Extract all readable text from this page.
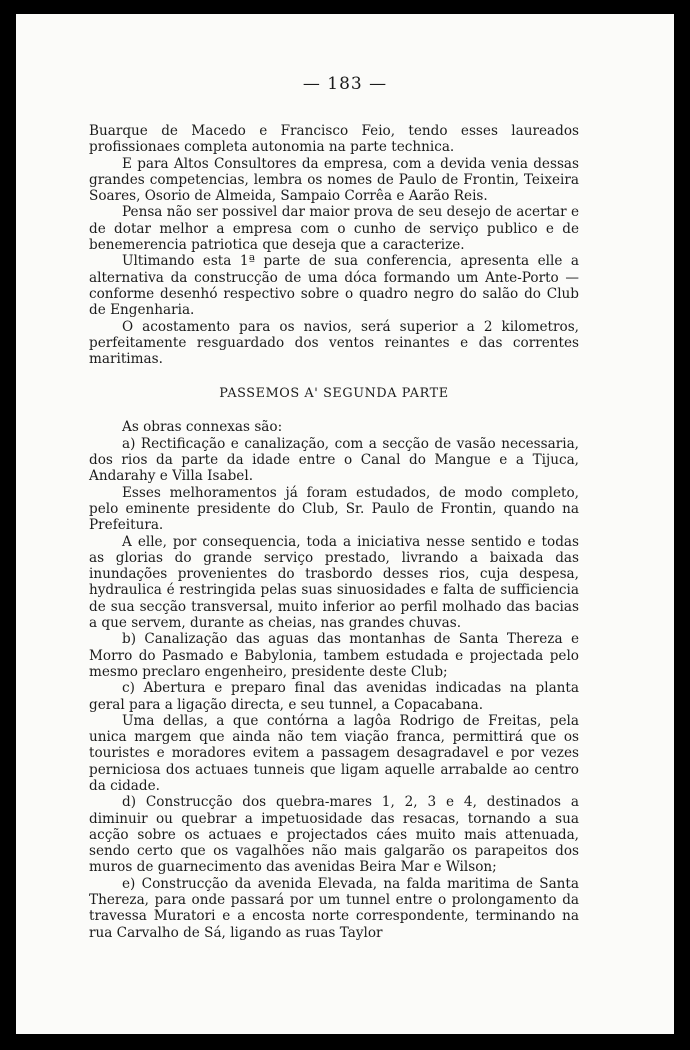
— 183 —

Buarque de Macedo e Francisco Feio, tendo esses laureados profissionaes completa autonomia na parte technica.

E para Altos Consultores da empresa, com a devida venia dessas grandes competencias, lembra os nomes de Paulo de Frontin, Teixeira Soares, Osorio de Almeida, Sampaio Corrêa e Aarão Reis.

Pensa não ser possivel dar maior prova de seu desejo de acertar e de dotar melhor a empresa com o cunho de serviço publico e de benemerencia patriotica que deseja que a caracterize.

Ultimando esta 1ª parte de sua conferencia, apresenta elle a alternativa da construcção de uma dóca formando um Ante-Porto — conforme desenhó respectivo sobre o quadro negro do salão do Club de Engenharia.

O acostamento para os navios, será superior a 2 kilometros, perfeitamente resguardado dos ventos reinantes e das correntes maritimas.

PASSEMOS A' SEGUNDA PARTE

As obras connexas são:

a) Rectificação e canalização, com a secção de vasão necessaria, dos rios da parte da idade entre o Canal do Mangue e a Tijuca, Andarahy e Villa Isabel.

Esses melhoramentos já foram estudados, de modo completo, pelo eminente presidente do Club, Sr. Paulo de Frontin, quando na Prefeitura.

A elle, por consequencia, toda a iniciativa nesse sentido e todas as glorias do grande serviço prestado, livrando a baixada das inundações provenientes do trasbordo desses rios, cuja despesa, hydraulica é restringida pelas suas sinuosidades e falta de sufficiencia de sua secção transversal, muito inferior ao perfil molhado das bacias a que servem, durante as cheias, nas grandes chuvas.

b) Canalização das aguas das montanhas de Santa Thereza e Morro do Pasmado e Babylonia, tambem estudada e projectada pelo mesmo preclaro engenheiro, presidente deste Club;

c) Abertura e preparo final das avenidas indicadas na planta geral para a ligação directa, e seu tunnel, a Copacabana.

Uma dellas, a que contórna a lagôa Rodrigo de Freitas, pela unica margem que ainda não tem viação franca, permittirá que os touristes e moradores evitem a passagem desagradavel e por vezes perniciosa dos actuaes tunneis que ligam aquelle arrabalde ao centro da cidade.

d) Construcção dos quebra-mares 1, 2, 3 e 4, destinados a diminuir ou quebrar a impetuosidade das resacas, tornando a sua acção sobre os actuaes e projectados cáes muito mais attenuada, sendo certo que os vagalhões não mais galgarão os parapeitos dos muros de guarnecimento das avenidas Beira Mar e Wilson;

e) Construcção da avenida Elevada, na falda maritima de Santa Thereza, para onde passará por um tunnel entre o prolongamento da travessa Muratori e a encosta norte correspondente, terminando na rua Carvalho de Sá, ligando as ruas Taylor
